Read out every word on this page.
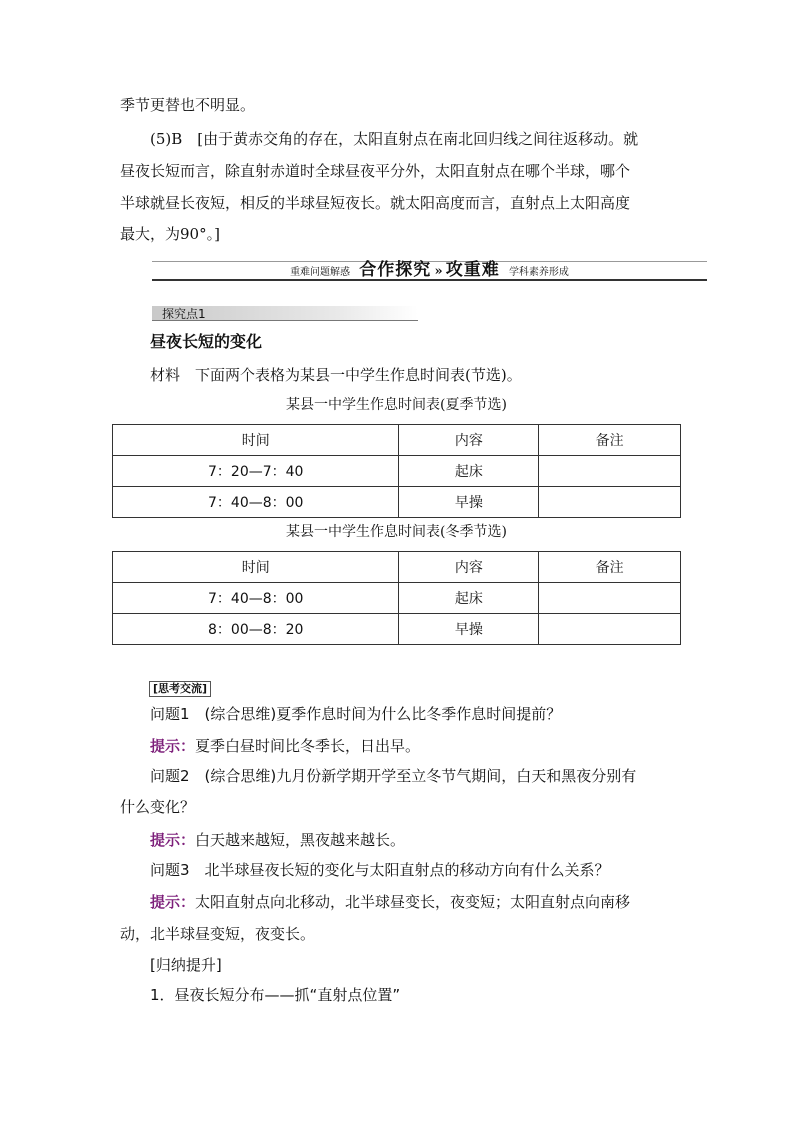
季节更替也不明显。
(5)B　[由于黄赤交角的存在，太阳直射点在南北回归线之间往返移动。就
昼夜长短而言，除直射赤道时全球昼夜平分外，太阳直射点在哪个半球，哪个
半球就昼长夜短，相反的半球昼短夜长。就太阳高度而言，直射点上太阳高度
最大，为90°。]
重难问题解惑 合作探究 » 攻重难 学科素养形成
探究点1
昼夜长短的变化
材料　下面两个表格为某县一中学生作息时间表(节选)。
某县一中学生作息时间表(夏季节选)
时间	内容	备注
7：20—7：40	起床	
7：40—8：00	早操	
某县一中学生作息时间表(冬季节选)
时间	内容	备注
7：40—8：00	起床	
8：00—8：20	早操	
[思考交流]
问题1　(综合思维)夏季作息时间为什么比冬季作息时间提前？
提示：夏季白昼时间比冬季长，日出早。
问题2　(综合思维)九月份新学期开学至立冬节气期间，白天和黑夜分别有
什么变化？
提示：白天越来越短，黑夜越来越长。
问题3　北半球昼夜长短的变化与太阳直射点的移动方向有什么关系？
提示：太阳直射点向北移动，北半球昼变长，夜变短；太阳直射点向南移
动，北半球昼变短，夜变长。
[归纳提升]
1．昼夜长短分布——抓“直射点位置”
